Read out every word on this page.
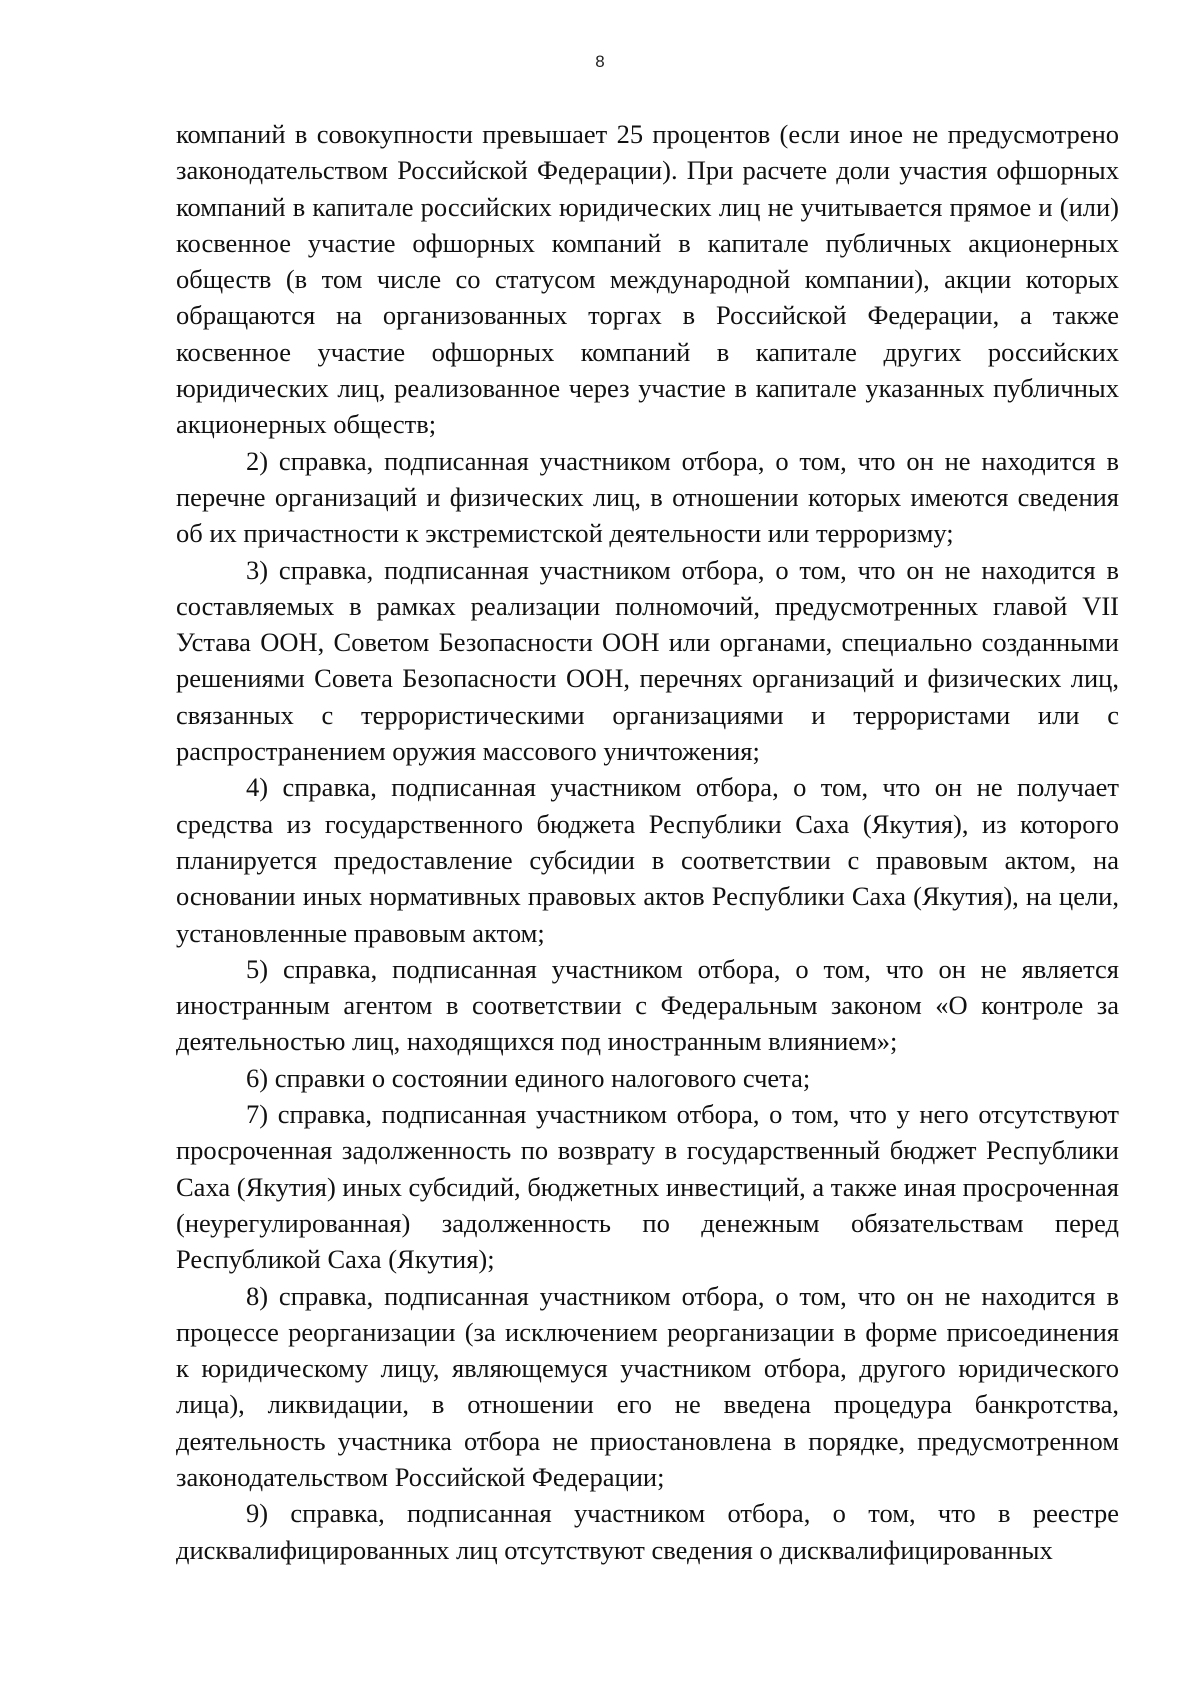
8

компаний в совокупности превышает 25 процентов (если иное не предусмотрено законодательством Российской Федерации). При расчете доли участия офшорных компаний в капитале российских юридических лиц не учитывается прямое и (или) косвенное участие офшорных компаний в капитале публичных акционерных обществ (в том числе со статусом международной компании), акции которых обращаются на организованных торгах в Российской Федерации, а также косвенное участие офшорных компаний в капитале других российских юридических лиц, реализованное через участие в капитале указанных публичных акционерных обществ;

2) справка, подписанная участником отбора, о том, что он не находится в перечне организаций и физических лиц, в отношении которых имеются сведения об их причастности к экстремистской деятельности или терроризму;

3) справка, подписанная участником отбора, о том, что он не находится в составляемых в рамках реализации полномочий, предусмотренных главой VII Устава ООН, Советом Безопасности ООН или органами, специально созданными решениями Совета Безопасности ООН, перечнях организаций и физических лиц, связанных с террористическими организациями и террористами или с распространением оружия массового уничтожения;

4) справка, подписанная участником отбора, о том, что он не получает средства из государственного бюджета Республики Саха (Якутия), из которого планируется предоставление субсидии в соответствии с правовым актом, на основании иных нормативных правовых актов Республики Саха (Якутия), на цели, установленные правовым актом;

5) справка, подписанная участником отбора, о том, что он не является иностранным агентом в соответствии с Федеральным законом «О контроле за деятельностью лиц, находящихся под иностранным влиянием»;

6) справки о состоянии единого налогового счета;

7) справка, подписанная участником отбора, о том, что у него отсутствуют просроченная задолженность по возврату в государственный бюджет Республики Саха (Якутия) иных субсидий, бюджетных инвестиций, а также иная просроченная (неурегулированная) задолженность по денежным обязательствам перед Республикой Саха (Якутия);

8) справка, подписанная участником отбора, о том, что он не находится в процессе реорганизации (за исключением реорганизации в форме присоединения к юридическому лицу, являющемуся участником отбора, другого юридического лица), ликвидации, в отношении его не введена процедура банкротства, деятельность участника отбора не приостановлена в порядке, предусмотренном законодательством Российской Федерации;

9) справка, подписанная участником отбора, о том, что в реестре дисквалифицированных лиц отсутствуют сведения о дисквалифицированных
